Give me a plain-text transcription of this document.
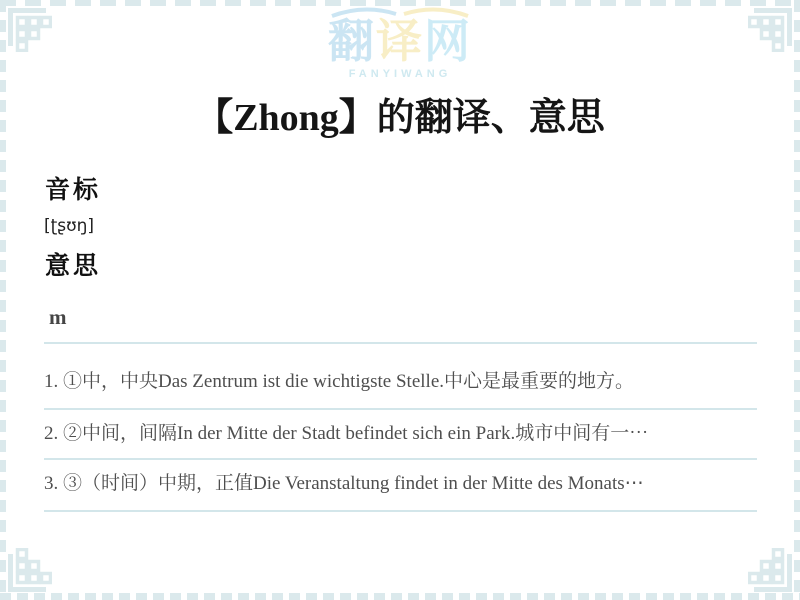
翻译网
FANYIWANG
【Zhong】的翻译、意思
音标
[ʈʂʊŋ]
意思
m
1. ①中，中央Das Zentrum ist die wichtigste Stelle.中心是最重要的地方。
2. ②中间，间隔In der Mitte der Stadt befindet sich ein Park.城市中间有一⋯
3. ③（时间）中期，正值Die Veranstaltung findet in der Mitte des Monats⋯
